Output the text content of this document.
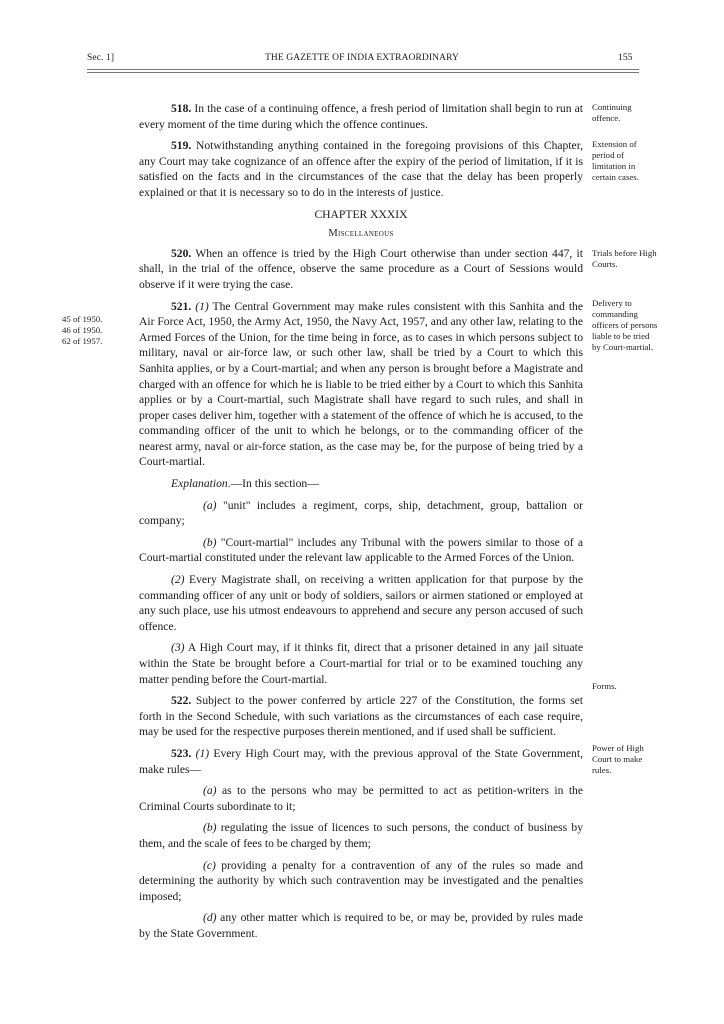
Sec. 1]	THE GAZETTE OF INDIA EXTRAORDINARY	155

518. In the case of a continuing offence, a fresh period of limitation shall begin to run at every moment of the time during which the offence continues.

519. Notwithstanding anything contained in the foregoing provisions of this Chapter, any Court may take cognizance of an offence after the expiry of the period of limitation, if it is satisfied on the facts and in the circumstances of the case that the delay has been properly explained or that it is necessary so to do in the interests of justice.

CHAPTER XXXIX

Miscellaneous

520. When an offence is tried by the High Court otherwise than under section 447, it shall, in the trial of the offence, observe the same procedure as a Court of Sessions would observe if it were trying the case.

521. (1) The Central Government may make rules consistent with this Sanhita and the Air Force Act, 1950, the Army Act, 1950, the Navy Act, 1957, and any other law, relating to the Armed Forces of the Union, for the time being in force, as to cases in which persons subject to military, naval or air-force law, or such other law, shall be tried by a Court to which this Sanhita applies, or by a Court-martial; and when any person is brought before a Magistrate and charged with an offence for which he is liable to be tried either by a Court to which this Sanhita applies or by a Court-martial, such Magistrate shall have regard to such rules, and shall in proper cases deliver him, together with a statement of the offence of which he is accused, to the commanding officer of the unit to which he belongs, or to the commanding officer of the nearest army, naval or air-force station, as the case may be, for the purpose of being tried by a Court-martial.

Explanation.—In this section—

(a) "unit" includes a regiment, corps, ship, detachment, group, battalion or company;

(b) "Court-martial" includes any Tribunal with the powers similar to those of a Court-martial constituted under the relevant law applicable to the Armed Forces of the Union.

(2) Every Magistrate shall, on receiving a written application for that purpose by the commanding officer of any unit or body of soldiers, sailors or airmen stationed or employed at any such place, use his utmost endeavours to apprehend and secure any person accused of such offence.

(3) A High Court may, if it thinks fit, direct that a prisoner detained in any jail situate within the State be brought before a Court-martial for trial or to be examined touching any matter pending before the Court-martial.

522. Subject to the power conferred by article 227 of the Constitution, the forms set forth in the Second Schedule, with such variations as the circumstances of each case require, may be used for the respective purposes therein mentioned, and if used shall be sufficient.

523. (1) Every High Court may, with the previous approval of the State Government, make rules—

(a) as to the persons who may be permitted to act as petition-writers in the Criminal Courts subordinate to it;

(b) regulating the issue of licences to such persons, the conduct of business by them, and the scale of fees to be charged by them;

(c) providing a penalty for a contravention of any of the rules so made and determining the authority by which such contravention may be investigated and the penalties imposed;

(d) any other matter which is required to be, or may be, provided by rules made by the State Government.

Continuing offence.
Extension of period of limitation in certain cases.
Trials before High Courts.
Delivery to commanding officers of persons liable to be tried by Court-martial.
Forms.
Power of High Court to make rules.
45 of 1950.
46 of 1950.
62 of 1957.
